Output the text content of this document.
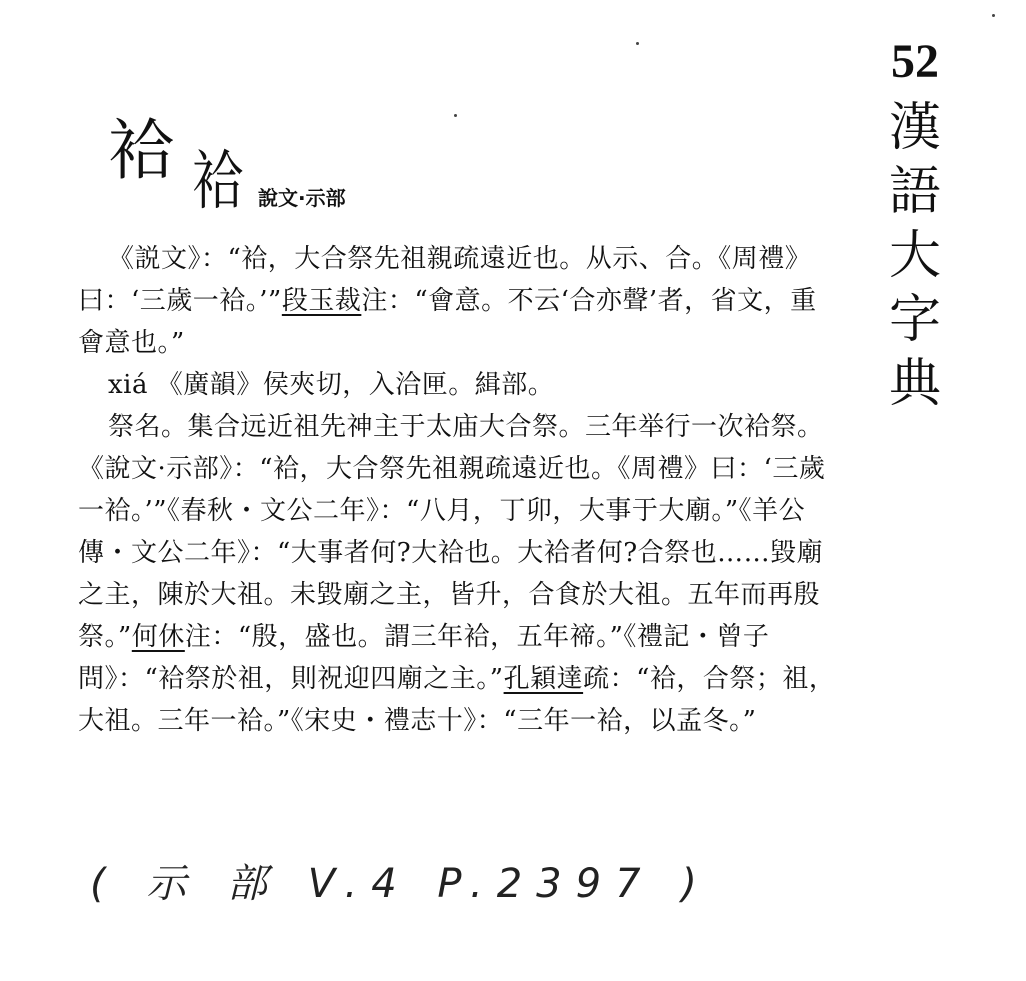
52
漢
語
大
字
典
袷 袷 說文·示部

《説文》：“袷，大合祭先祖親疏遠近也。从示、合。《周禮》曰：‘三歲一袷。’”段玉裁注：“會意。不云‘合亦聲’者，省文，重會意也。”

xiá 《廣韻》侯夾切，入洽匣。緝部。

祭名。集合远近祖先神主于太庙大合祭。三年举行一次袷祭。《說文·示部》：“袷，大合祭先祖親疏遠近也。《周禮》曰：‘三歲一袷。’”《春秋・文公二年》：“八月，丁卯，大事于大廟。”《羊公傳・文公二年》：“大事者何?大袷也。大袷者何?合祭也……毀廟之主，陳於大祖。未毀廟之主，皆升，合食於大祖。五年而再殷祭。”何休注：“殷，盛也。謂三年袷，五年禘。”《禮記・曾子問》：“袷祭於祖，則祝迎四廟之主。”孔穎達疏：“袷，合祭；祖，大祖。三年一袷。”《宋史・禮志十》：“三年一袷，以孟冬。”

( 示 部 V.4 P.2397 )
